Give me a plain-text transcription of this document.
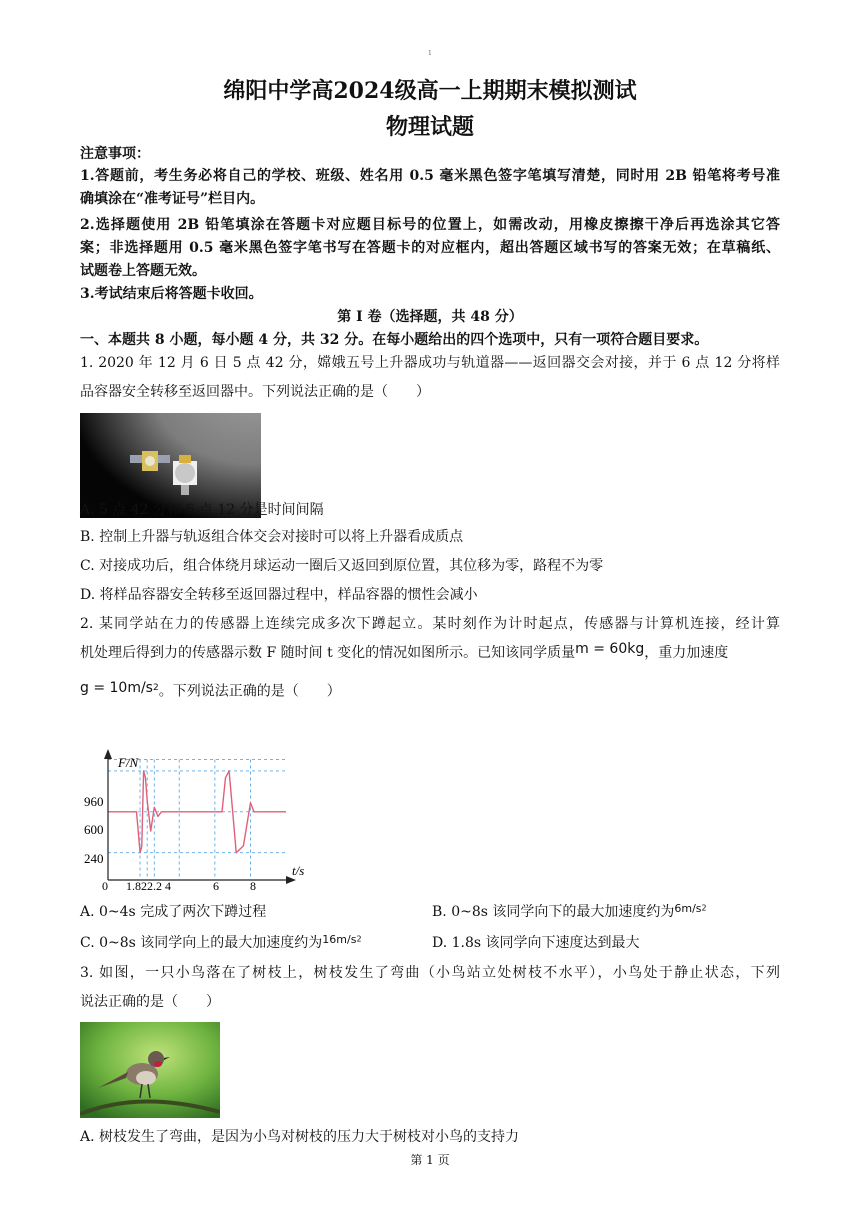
1
绵阳中学高2024级高一上期期末模拟测试
物理试题
注意事项：
1.答题前，考生务必将自己的学校、班级、姓名用 0.5 毫米黑色签字笔填写清楚，同时用 2B 铅笔将考号准
确填涂在“准考证号”栏目内。
2.选择题使用 2B 铅笔填涂在答题卡对应题目标号的位置上，如需改动，用橡皮擦擦干净后再选涂其它答
案；非选择题用 0.5 毫米黑色签字笔书写在答题卡的对应框内，超出答题区域书写的答案无效；在草稿纸、
试题卷上答题无效。
3.考试结束后将答题卡收回。
第 I 卷（选择题，共 48 分）
一、本题共 8 小题，每小题 4 分，共 32 分。在每小题给出的四个选项中，只有一项符合题目要求。
1. 2020 年 12 月 6 日 5 点 42 分，嫦娥五号上升器成功与轨道器——返回器交会对接，并于 6 点 12 分将样
品容器安全转移至返回器中。下列说法正确的是（　　）
A. 5 点 42 分和 6 点 12 分是时间间隔
B. 控制上升器与轨返组合体交会对接时可以将上升器看成质点
C. 对接成功后，组合体绕月球运动一圈后又返回到原位置，其位移为零，路程不为零
D. 将样品容器安全转移至返回器过程中，样品容器的惯性会减小
2. 某同学站在力的传感器上连续完成多次下蹲起立。某时刻作为计时起点，传感器与计算机连接，经计算
机处理后得到力的传感器示数 F 随时间 t 变化的情况如图所示。已知该同学质量m = 60kg，重力加速度
$g = 10m/s^2$。下列说法正确的是（　　）
F/N
t/s
0
960
600
240
1.822.2 4	6	8
A. 0~4s 完成了两次下蹲过程	B. 0~8s 该同学向下的最大加速度约为$^{6m/s2}$
C. 0~8s 该同学向上的最大加速度约为$^{16m/s2}$	D. 1.8s 该同学向下速度达到最大
3. 如图，一只小鸟落在了树枝上，树枝发生了弯曲（小鸟站立处树枝不水平），小鸟处于静止状态，下列
说法正确的是（　　）
A. 树枝发生了弯曲，是因为小鸟对树枝的压力大于树枝对小鸟的支持力
第 1 页
